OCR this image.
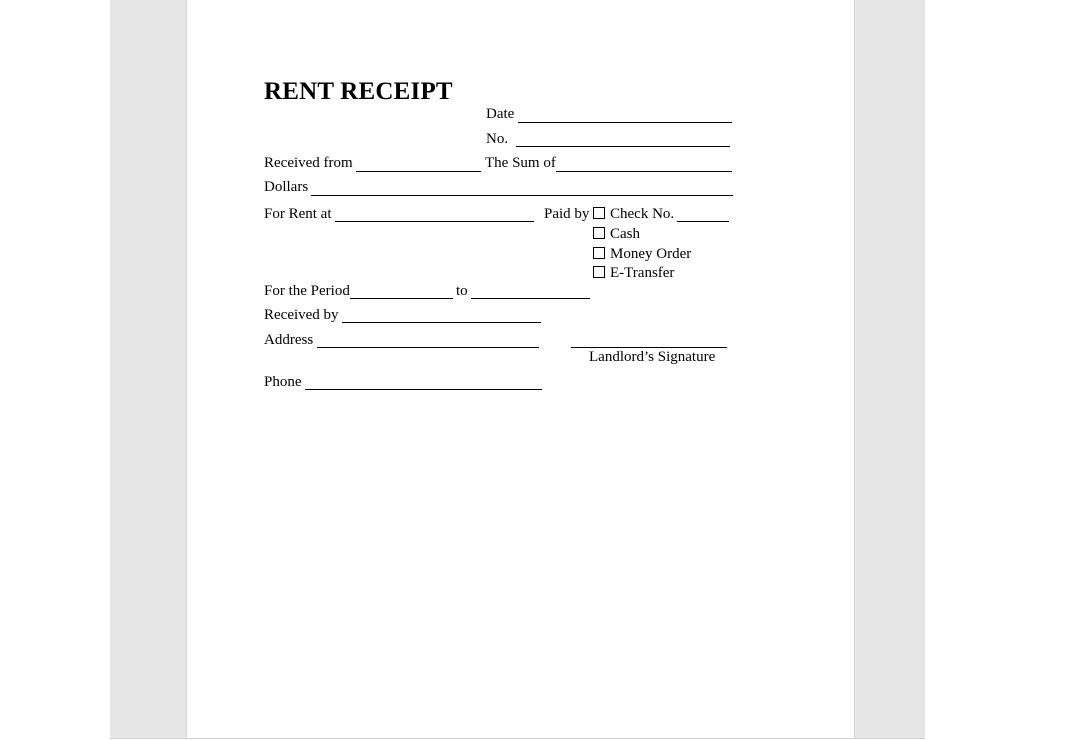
RENT RECEIPT
Date
No.
Received from	The Sum of
Dollars
For Rent at	Paid by	Check No.
Cash
Money Order
E-Transfer
For the Period	to
Received by
Address
Landlord’s Signature
Phone
